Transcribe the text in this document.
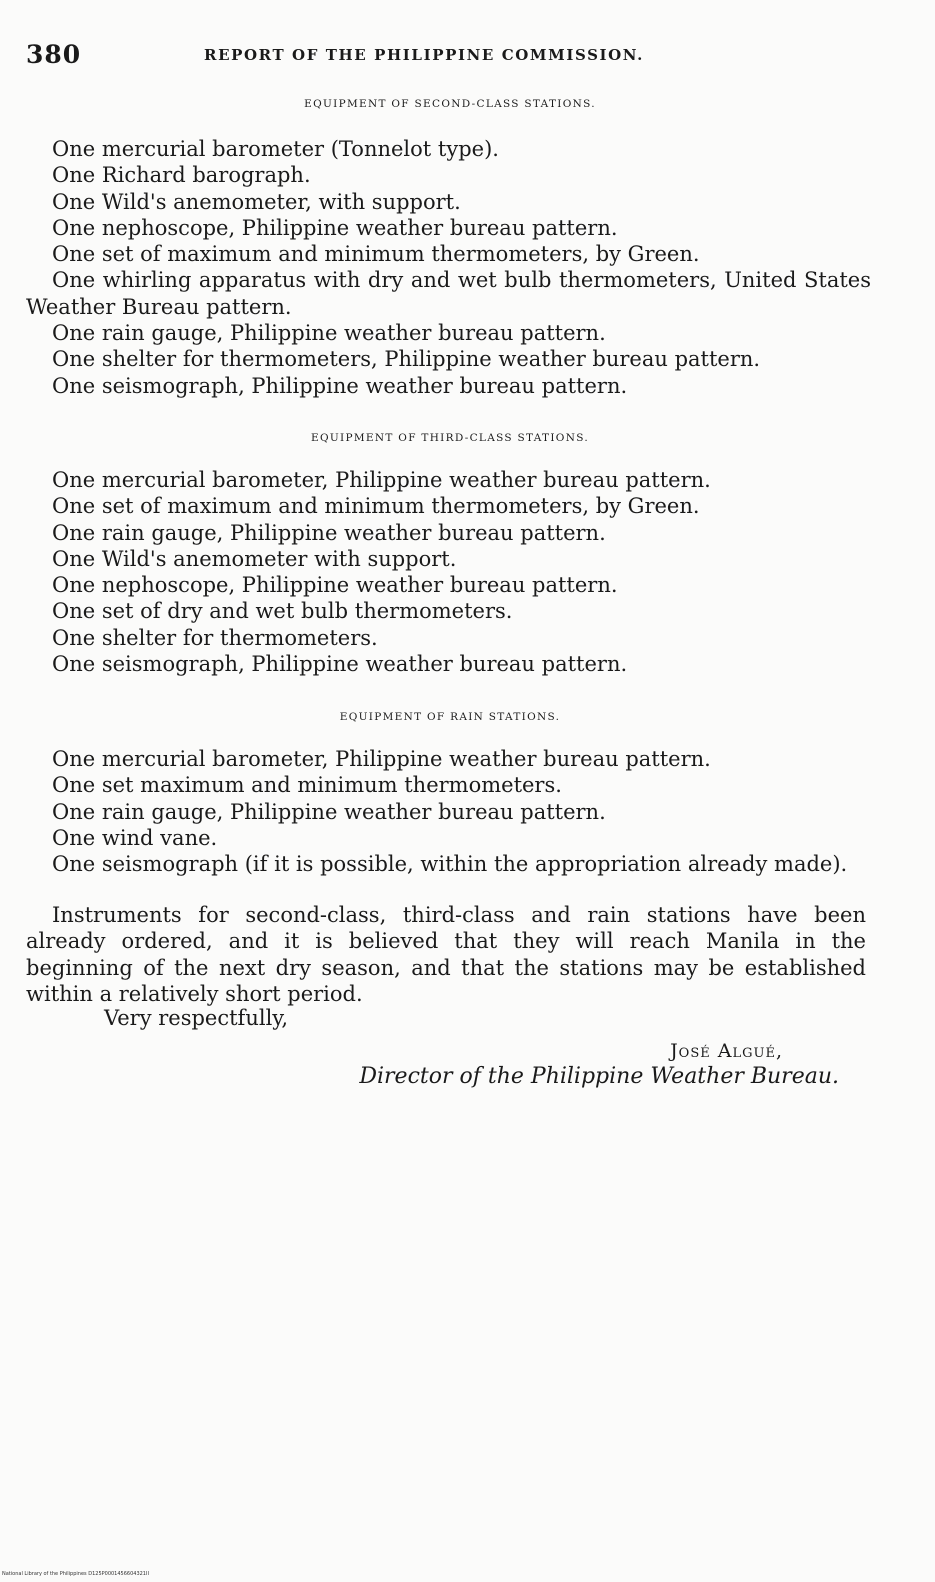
380	REPORT OF THE PHILIPPINE COMMISSION.
EQUIPMENT OF SECOND-CLASS STATIONS.
One mercurial barometer (Tonnelot type).
One Richard barograph.
One Wild's anemometer, with support.
One nephoscope, Philippine weather bureau pattern.
One set of maximum and minimum thermometers, by Green.
One whirling apparatus with dry and wet bulb thermometers, United States Weather Bureau pattern.
One rain gauge, Philippine weather bureau pattern.
One shelter for thermometers, Philippine weather bureau pattern.
One seismograph, Philippine weather bureau pattern.
EQUIPMENT OF THIRD-CLASS STATIONS.
One mercurial barometer, Philippine weather bureau pattern.
One set of maximum and minimum thermometers, by Green.
One rain gauge, Philippine weather bureau pattern.
One Wild's anemometer with support.
One nephoscope, Philippine weather bureau pattern.
One set of dry and wet bulb thermometers.
One shelter for thermometers.
One seismograph, Philippine weather bureau pattern.
EQUIPMENT OF RAIN STATIONS.
One mercurial barometer, Philippine weather bureau pattern.
One set maximum and minimum thermometers.
One rain gauge, Philippine weather bureau pattern.
One wind vane.
One seismograph (if it is possible, within the appropriation already made).

Instruments for second-class, third-class and rain stations have been already ordered, and it is believed that they will reach Manila in the beginning of the next dry season, and that the stations may be established within a relatively short period.

Very respectfully,
José Algué,
Director of the Philippine Weather Bureau.
National Library of the Philippines D125P0001456604321II
